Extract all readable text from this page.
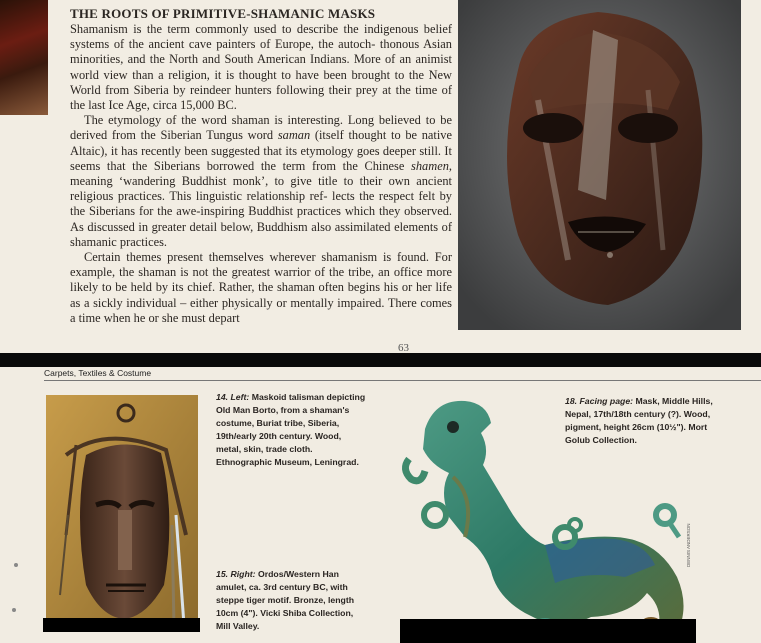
THE ROOTS OF PRIMITIVE-SHAMANIC MASKS

Shamanism is the term commonly used to describe the indigenous belief systems of the ancient cave painters of Europe, the autoch- thonous Asian minorities, and the North and South American Indians. More of an animist world view than a religion, it is thought to have been brought to the New World from Siberia by reindeer hunters following their prey at the time of the last Ice Age, circa 15,000 BC.

The etymology of the word shaman is interesting. Long believed to be derived from the Siberian Tungus word saman (itself thought to be native Altaic), it has recently been suggested that its etymology goes deeper still. It seems that the Siberians borrowed the term from the Chinese shamen, meaning ‘wandering Buddhist monk’, to give title to their own ancient religious practices. This linguistic relationship ref- lects the respect felt by the Siberians for the awe-inspiring Buddhist practices which they observed. As discussed in greater detail below, Buddhism also assimilated elements of shamanic practices.

Certain themes present themselves wherever shamanism is found. For example, the shaman is not the greatest warrior of the tribe, an office more likely to be held by its chief. Rather, the shaman often begins his or her life as a sickly individual – either physically or mentally impaired. There comes a time when he or she must depart

63
Carpets, Textiles & Costume
14. Left: Maskoid talisman depicting Old Man Borto, from a shaman's costume, Buriat tribe, Siberia, 19th/early 20th century. Wood, metal, skin, trade cloth. Ethnographic Museum, Leningrad.
15. Right: Ordos/Western Han amulet, ca. 3rd century BC, with steppe tiger motif. Bronze, length 10cm (4"). Vicki Shiba Collection, Mill Valley.
18. Facing page: Mask, Middle Hills, Nepal, 17th/18th century (?). Wood, pigment, height 26cm (10½"). Mort Golub Collection.
DENNIS ANDERSON
